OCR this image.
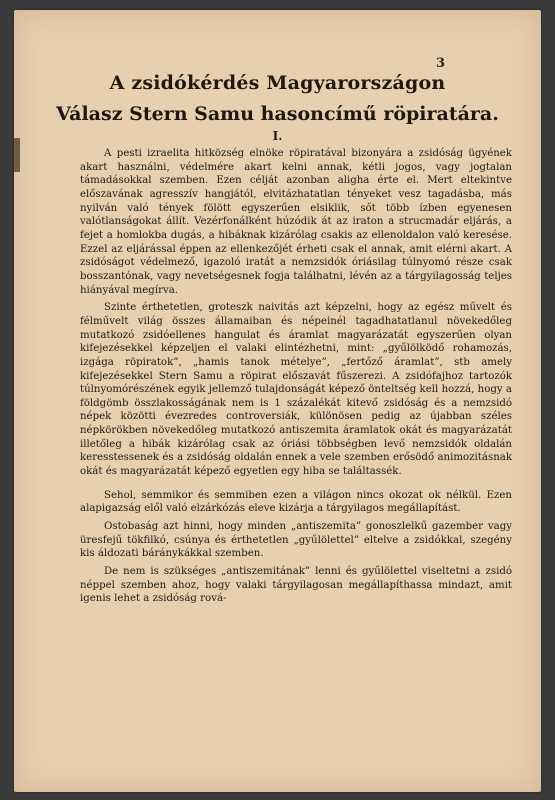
3
A zsidókérdés Magyarországon
Válasz Stern Samu hasoncímű röpiratára.
I.

A pesti izraelita hitközség elnöke röpiratával bizonyára a zsidóság ügyének akart használni, védelmére akart kelni annak, kétli jogos, vagy jogtalan támadásokkal szemben. Ezen célját azonban aligha érte el. Mert eltekintve előszavának agresszív hangjától, elvitázhatatlan tényeket vesz tagadásba, más nyilván való tények fölött egyszerűen elsiklik, sőt több ízben egyenesen valótlanságokat állít. Vezérfonálként húzódik át az iraton a strucmadár eljárás, a fejet a homlokba dugás, a hibáknak kizárólag csakis az ellenoldalon való keresése. Ezzel az eljárással éppen az ellenkezőjét érheti csak el annak, amit elérni akart. A zsidóságot védelmező, igazoló iratát a nemzsidók óriásilag túlnyomó része csak bosszantónak, vagy nevetségesnek fogja találhatni, lévén az a tárgyilagosság teljes hiányával megírva.

Szinte érthetetlen, groteszk naivitás azt képzelni, hogy az egész művelt és félművelt világ összes államaiban és népeinél tagadhatatlanul növekedőleg mutatkozó zsidóellenes hangulat és áramlat magyarázatát egyszerűen olyan kifejezésekkel képzeljen el valaki elintézhetni, mint: „gyűlölködő rohamozás, izgága röpiratok”, „hamis tanok mételye”, „fertőző áramlat”, stb amely kifejezésekkel Stern Samu a röpirat előszavát fűszerezi. A zsidófajhoz tartozók túlnyomórészének egyik jellemző tulajdonságát képező önteltség kell hozzá, hogy a földgömb összlakosságának nem is 1 százalékát kitevő zsidóság és a nemzsidó népek közötti évezredes controversiák, különösen pedig az újabban széles népkörökben növekedőleg mutatkozó antiszemita áramlatok okát és magyarázatát illetőleg a hibák kizárólag csak az óriási többségben levő nemzsidók oldalán keresstessenek és a zsidóság oldalán ennek a vele szemben erősödő animozitásnak okát és magyarázatát képező egyetlen egy hiba se találtassék.

Sehol, semmikor és semmiben ezen a világon nincs okozat ok nélkül. Ezen alapigazság elől való elzárkózás eleve kizárja a tárgyilagos megállapítást.

Ostobaság azt hinni, hogy minden „antiszemita” gonoszlelkű gazember vagy üresfejű tökfilkó, csúnya és érthetetlen „gyűlölettel” eltelve a zsidókkal, szegény kis áldozati báránykákkal szemben.

De nem is szükséges „antiszemitának” lenni és gyűlölettel viseltetni a zsidó néppel szemben ahoz, hogy valaki tárgyilagosan megállapíthassa mindazt, amit igenis lehet a zsidóság rová-
